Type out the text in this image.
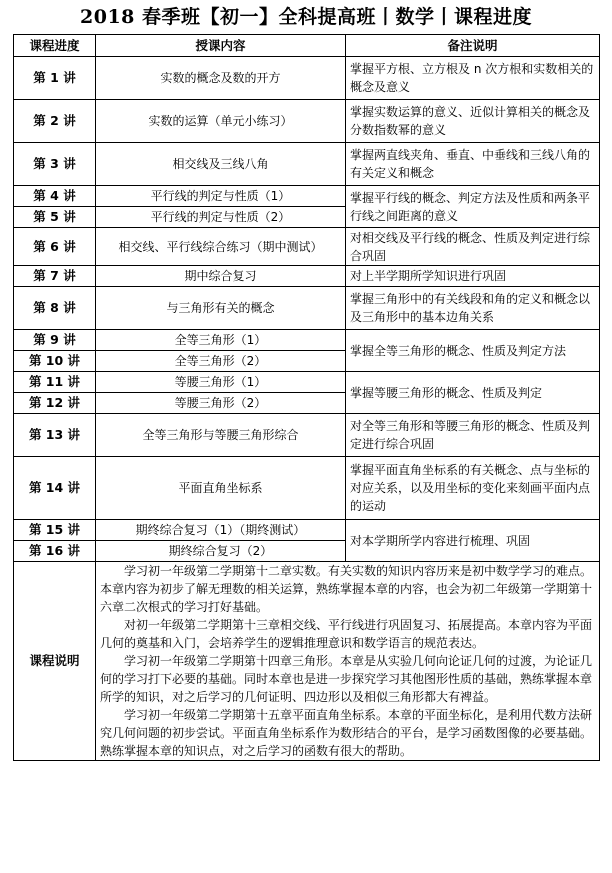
2018 春季班【初一】全科提高班丨数学丨课程进度
课程进度	授课内容	备注说明
第 1 讲	实数的概念及数的开方	掌握平方根、立方根及 n 次方根和实数相关的概念及意义
第 2 讲	实数的运算（单元小练习）	掌握实数运算的意义、近似计算相关的概念及分数指数幂的意义
第 3 讲	相交线及三线八角	掌握两直线夹角、垂直、中垂线和三线八角的有关定义和概念
第 4 讲	平行线的判定与性质（1）	掌握平行线的概念、判定方法及性质和两条平行线之间距离的意义
第 5 讲	平行线的判定与性质（2）	
第 6 讲	相交线、平行线综合练习（期中测试）	对相交线及平行线的概念、性质及判定进行综合巩固
第 7 讲	期中综合复习	对上半学期所学知识进行巩固
第 8 讲	与三角形有关的概念	掌握三角形中的有关线段和角的定义和概念以及三角形中的基本边角关系
第 9 讲	全等三角形（1）	掌握全等三角形的概念、性质及判定方法
第 10 讲	全等三角形（2）	
第 11 讲	等腰三角形（1）	掌握等腰三角形的概念、性质及判定
第 12 讲	等腰三角形（2）	
第 13 讲	全等三角形与等腰三角形综合	对全等三角形和等腰三角形的概念、性质及判定进行综合巩固
第 14 讲	平面直角坐标系	掌握平面直角坐标系的有关概念、点与坐标的对应关系，以及用坐标的变化来刻画平面内点的运动
第 15 讲	期终综合复习（1）（期终测试）	对本学期所学内容进行梳理、巩固
第 16 讲	期终综合复习（2）	
课程说明	学习初一年级第二学期第十二章实数。有关实数的知识内容历来是初中数学学习的难点。本章内容为初步了解无理数的相关运算，熟练掌握本章的内容，也会为初二年级第一学期第十六章二次根式的学习打好基础。

对初一年级第二学期第十三章相交线、平行线进行巩固复习、拓展提高。本章内容为平面几何的奠基和入门，会培养学生的逻辑推理意识和数学语言的规范表达。

学习初一年级第二学期第十四章三角形。本章是从实验几何向论证几何的过渡，为论证几何的学习打下必要的基础。同时本章也是进一步探究学习其他图形性质的基础，熟练掌握本章所学的知识，对之后学习的几何证明、四边形以及相似三角形都大有裨益。

学习初一年级第二学期第十五章平面直角坐标系。本章的平面坐标化，是利用代数方法研究几何问题的初步尝试。平面直角坐标系作为数形结合的平台，是学习函数图像的必要基础。熟练掌握本章的知识点，对之后学习的函数有很大的帮助。	
